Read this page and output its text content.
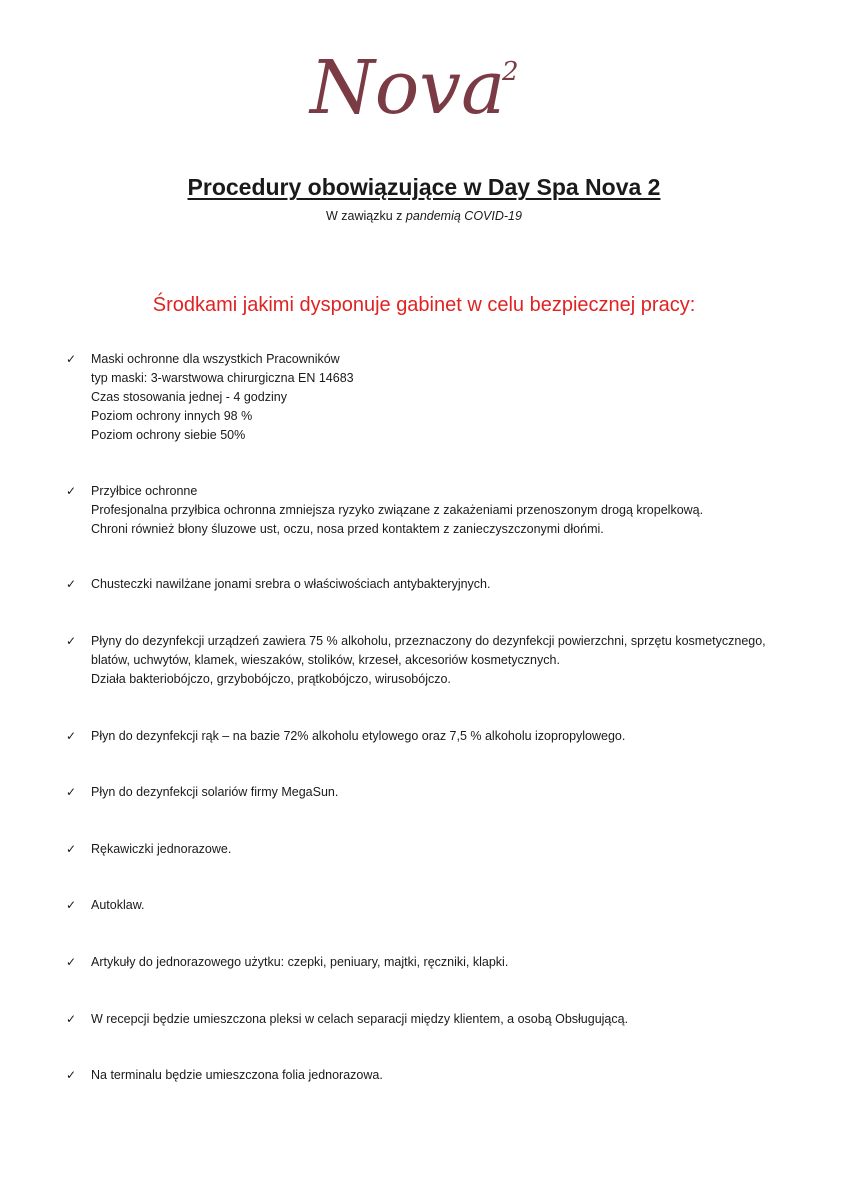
Nova
2
Procedury obowiązujące w Day Spa Nova 2
W zawiązku z pandemią COVID-19
Środkami jakimi dysponuje gabinet w celu bezpiecznej pracy:
✓	Maski ochronne dla wszystkich Pracowników
typ maski: 3-warstwowa chirurgiczna EN 14683
Czas stosowania jednej - 4 godziny
Poziom ochrony innych 98 %
Poziom ochrony siebie 50%
✓	Przyłbice ochronne
Profesjonalna przyłbica ochronna zmniejsza ryzyko związane z zakażeniami przenoszonym drogą kropelkową.
Chroni również błony śluzowe ust, oczu, nosa przed kontaktem z zanieczyszczonymi dłońmi.
✓	Chusteczki nawilżane jonami srebra o właściwościach antybakteryjnych.
✓	Płyny do dezynfekcji urządzeń zawiera 75 % alkoholu, przeznaczony do dezynfekcji powierzchni, sprzętu kosmetycznego,
blatów, uchwytów, klamek, wieszaków, stolików, krzeseł, akcesoriów kosmetycznych.
Działa bakteriobójczo, grzybobójczo, prątkobójczo, wirusobójczo.
✓	Płyn do dezynfekcji rąk – na bazie 72% alkoholu etylowego oraz 7,5 % alkoholu izopropylowego.
✓	Płyn do dezynfekcji solariów firmy MegaSun.
✓	Rękawiczki jednorazowe.
✓	Autoklaw.
✓	Artykuły do jednorazowego użytku: czepki, peniuary, majtki, ręczniki, klapki.
✓	W recepcji będzie umieszczona pleksi w celach separacji między klientem, a osobą Obsługującą.
✓	Na terminalu będzie umieszczona folia jednorazowa.
